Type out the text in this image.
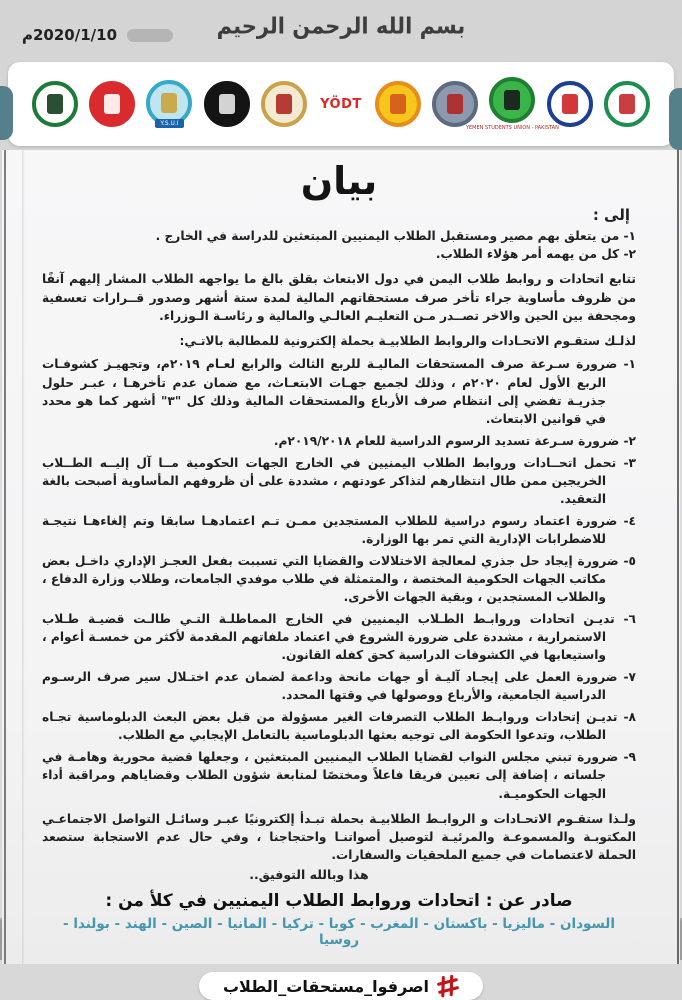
2020/1/10م	بسم الله الرحمن الرحيم
Y.S.U.I
YÖDT
YEMEN STUDENTS UNION - PAKISTAN
بيان
إلى :
١- من يتعلق بهم مصير ومستقبل الطلاب اليمنيين المبتعثين للدراسة في الخارج .
٢- كل من يهمه أمر هؤلاء الطلاب.

تتابع اتحادات و روابط طلاب اليمن في دول الابتعاث بقلق بالغ ما يواجهه الطلاب المشار إليهم آنفًا من ظروف مأساوية جراء تأخر صرف مستحقاتهم المالية لمدة ستة أشهر وصدور قــرارات تعسفية ومجحفة بين الحين والاخر تصــدر مـن التعليـم العالـي والمالية و رئاسـة الـوزراء.

لذلـك ستقـوم الاتحـادات والروابط الطلابيـة بحملة إلكترونية للمطالبة بالاتـي:

١- ضرورة سـرعة صرف المستحقات الماليـة للربع الثالث والرابع لعـام ٢٠١٩م، وتجهيـز كشوفـات الربع الأول لعام ٢٠٢٠م ، وذلك لجميع جهـات الابتعـاث، مع ضمان عدم تأخرهـا ، عبـر حلول جذريـة تفضي إلى انتظام صرف الأرباع والمستحقات المالية وذلك كل "٣" أشهر كما هو محدد في قوانين الابتعاث.
٢- ضرورة سـرعة تسديد الرسوم الدراسية للعام ٢٠١٩/٢٠١٨م.
٣- تحمل اتحــادات وروابط الطلاب اليمنيين في الخارج الجهات الحكومية مــا آل إليــه الطــلاب الخريجين ممن طال انتظارهم لتذاكر عودتهم ، مشددة على أن ظروفهم المأساوية أصبحت بالغة التعقيد.
٤- ضرورة اعتماد رسوم دراسية للطلاب المستجدين ممـن تـم اعتمادهـا سابقا وتم إلغاءهـا نتيجـة للاضطرابات الإدارية التي تمر بها الوزارة.
٥- ضرورة إيجاد حل جذري لمعالجة الاختلالات والقضايا التي تسببت بفعل العجـز الإداري داخـل بعض مكاتب الجهات الحكومية المختصة ، والمتمثلة في طلاب موفدي الجامعات، وطلاب وزارة الدفاع ، والطلاب المستجدين ، وبقية الجهات الأخرى.
٦- تديـن اتحادات وروابـط الطـلاب اليمنيين في الخارج المماطلـة التـي طالـت قضيـة طـلاب الاستمرارية ، مشددة على ضرورة الشروع في اعتماد ملفاتهم المقدمة لأكثر من خمسـة أعوام ، واستيعابها في الكشوفات الدراسية كحق كفله القانون.
٧- ضرورة العمل على إيجـاد آليـة أو جهات مانحة وداعمة لضمان عدم اختـلال سير صرف الرسـوم الدراسية الجامعية، والأرباع ووصولها في وقتها المحدد.
٨- تديـن إتحادات وروابـط الطلاب التصرفات الغير مسؤولة من قبل بعض البعث الدبلوماسية تجـاه الطلاب، وتدعوا الحكومة الى توجيه بعثها الدبلوماسية بالتعامل الإيجابي مع الطلاب.
٩- ضرورة تبني مجلس النواب لقضايا الطلاب اليمنيين المبتعثين ، وجعلها قضية محورية وهامـة في جلساته ، إضافة إلى تعيين فريقا فاعلاً ومختصًا لمتابعة شؤون الطلاب وقضاياهم ومراقبة أداء الجهات الحكوميـة.

ولـذا ستقـوم الاتحـادات و الروابـط الطلابيـة بحملة تبـدأ إلكترونيًا عبـر وسائـل التواصل الاجتماعـي المكتوبـة والمسموعـة والمرئيـة لتوصيل أصواتنـا واحتجاجنا ، وفي حال عدم الاستجابة ستصعد الحملة لاعتصامات في جميع الملحقيات والسفارات.

هذا وبالله التوفيق..
صادر عن : اتحادات وروابط الطلاب اليمنيين في كلأ من :
السودان - ماليزيا - باكستان - المغرب - كوبا - تركيا - المانيا - الصين - الهند - بولندا - روسيا
اصرفوا_مستحقات_الطلاب
